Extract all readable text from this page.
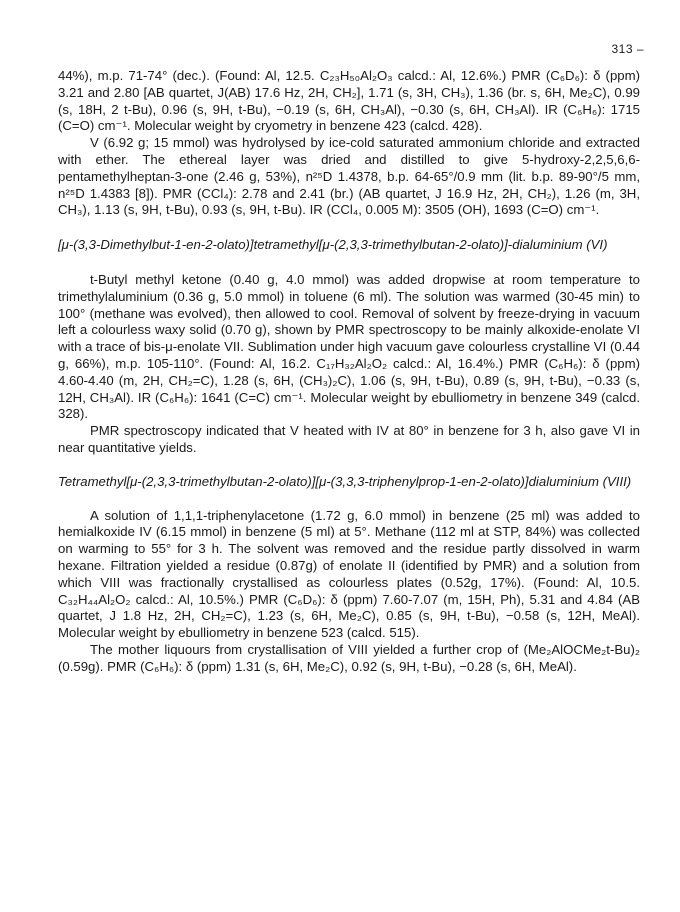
313 –

44%), m.p. 71-74° (dec.). (Found: Al, 12.5. C₂₃H₅₀Al₂O₃ calcd.: Al, 12.6%.) PMR (C₆D₆): δ (ppm) 3.21 and 2.80 [AB quartet, J(AB) 17.6 Hz, 2H, CH₂], 1.71 (s, 3H, CH₃), 1.36 (br. s, 6H, Me₂C), 0.99 (s, 18H, 2 t-Bu), 0.96 (s, 9H, t-Bu), −0.19 (s, 6H, CH₃Al), −0.30 (s, 6H, CH₃Al). IR (C₆H₆): 1715 (C=O) cm⁻¹. Molecular weight by cryometry in benzene 423 (calcd. 428).

V (6.92 g; 15 mmol) was hydrolysed by ice-cold saturated ammonium chloride and extracted with ether. The ethereal layer was dried and distilled to give 5-hydroxy-2,2,5,6,6-pentamethylheptan-3-one (2.46 g, 53%), n²⁵D 1.4378, b.p. 64-65°/0.9 mm (lit. b.p. 89-90°/5 mm, n²⁵D 1.4383 [8]). PMR (CCl₄): 2.78 and 2.41 (br.) (AB quartet, J 16.9 Hz, 2H, CH₂), 1.26 (m, 3H, CH₃), 1.13 (s, 9H, t-Bu), 0.93 (s, 9H, t-Bu). IR (CCl₄, 0.005 M): 3505 (OH), 1693 (C=O) cm⁻¹.

[μ-(3,3-Dimethylbut-1-en-2-olato)]tetramethyl[μ-(2,3,3-trimethylbutan-2-olato)]-dialuminium (VI)

t-Butyl methyl ketone (0.40 g, 4.0 mmol) was added dropwise at room temperature to trimethylaluminium (0.36 g, 5.0 mmol) in toluene (6 ml). The solution was warmed (30-45 min) to 100° (methane was evolved), then allowed to cool. Removal of solvent by freeze-drying in vacuum left a colourless waxy solid (0.70 g), shown by PMR spectroscopy to be mainly alkoxide-enolate VI with a trace of bis-μ-enolate VII. Sublimation under high vacuum gave colourless crystalline VI (0.44 g, 66%), m.p. 105-110°. (Found: Al, 16.2. C₁₇H₃₂Al₂O₂ calcd.: Al, 16.4%.) PMR (C₆H₆): δ (ppm) 4.60-4.40 (m, 2H, CH₂=C), 1.28 (s, 6H, (CH₃)₂C), 1.06 (s, 9H, t-Bu), 0.89 (s, 9H, t-Bu), −0.33 (s, 12H, CH₃Al). IR (C₆H₆): 1641 (C=C) cm⁻¹. Molecular weight by ebulliometry in benzene 349 (calcd. 328).

PMR spectroscopy indicated that V heated with IV at 80° in benzene for 3 h, also gave VI in near quantitative yields.

Tetramethyl[μ-(2,3,3-trimethylbutan-2-olato)][μ-(3,3,3-triphenylprop-1-en-2-olato)]dialuminium (VIII)

A solution of 1,1,1-triphenylacetone (1.72 g, 6.0 mmol) in benzene (25 ml) was added to hemialkoxide IV (6.15 mmol) in benzene (5 ml) at 5°. Methane (112 ml at STP, 84%) was collected on warming to 55° for 3 h. The solvent was removed and the residue partly dissolved in warm hexane. Filtration yielded a residue (0.87g) of enolate II (identified by PMR) and a solution from which VIII was fractionally crystallised as colourless plates (0.52g, 17%). (Found: Al, 10.5. C₃₂H₄₄Al₂O₂ calcd.: Al, 10.5%.) PMR (C₆D₆): δ (ppm) 7.60-7.07 (m, 15H, Ph), 5.31 and 4.84 (AB quartet, J 1.8 Hz, 2H, CH₂=C), 1.23 (s, 6H, Me₂C), 0.85 (s, 9H, t-Bu), −0.58 (s, 12H, MeAl). Molecular weight by ebulliometry in benzene 523 (calcd. 515).

The mother liquours from crystallisation of VIII yielded a further crop of (Me₂AlOCMe₂t-Bu)₂ (0.59g). PMR (C₆H₆): δ (ppm) 1.31 (s, 6H, Me₂C), 0.92 (s, 9H, t-Bu), −0.28 (s, 6H, MeAl).
